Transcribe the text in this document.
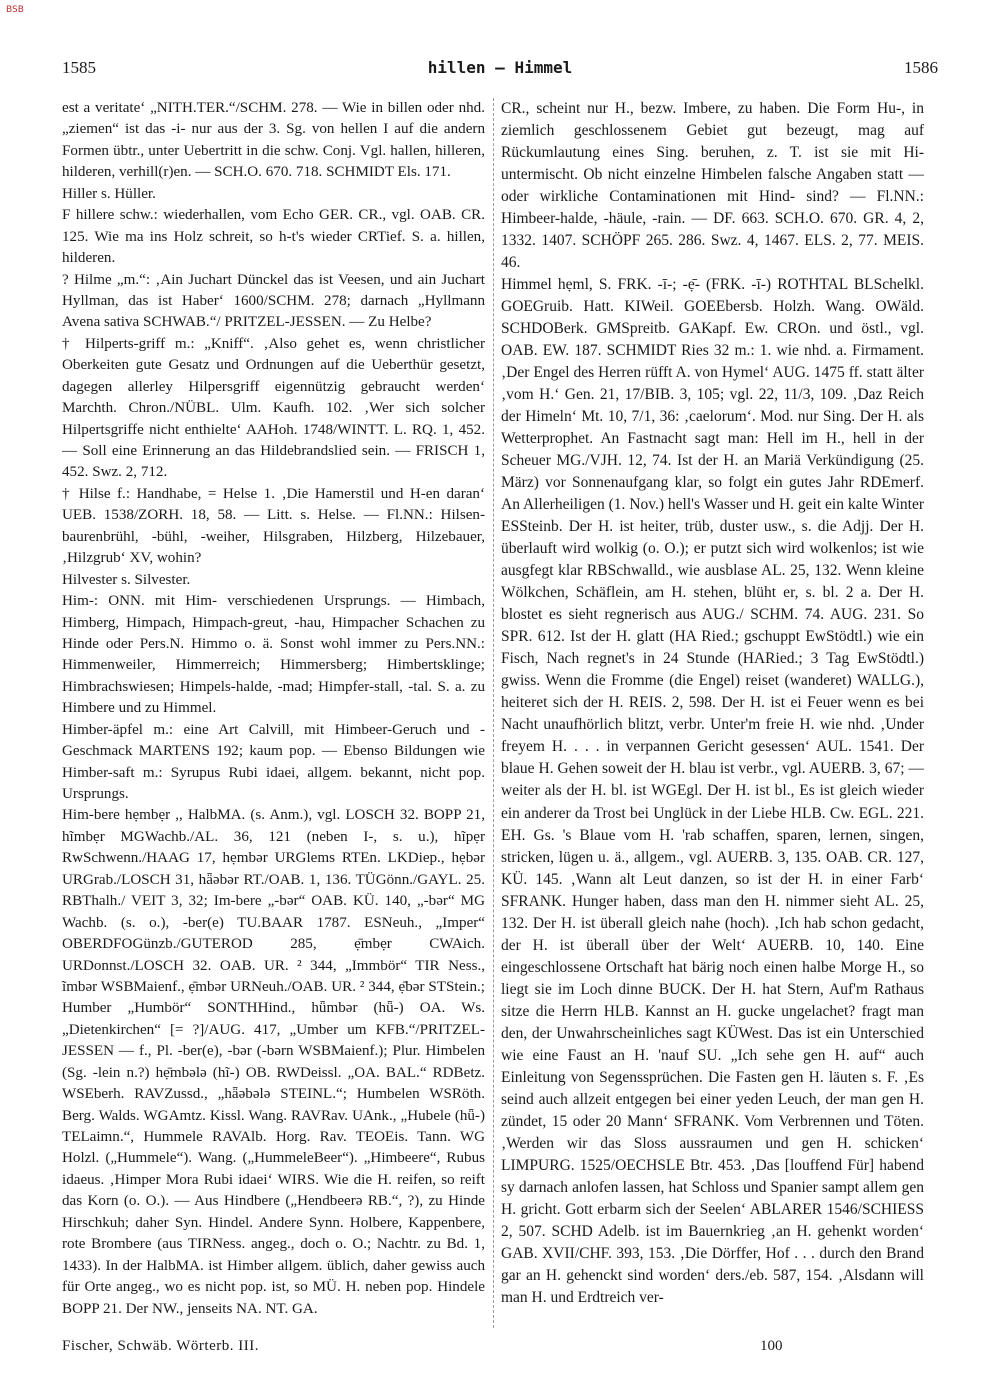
BSB
1585	hillen — Himmel	1586

est a veritate‘ „NITH.TER.“/SCHM. 278. — Wie in billen oder nhd. „ziemen“ ist das -i- nur aus der 3. Sg. von hellen I auf die andern Formen übtr., unter Uebertritt in die schw. Conj. Vgl. hallen, hilleren, hilderen, verhill(r)en. — SCH.O. 670. 718. SCHMIDT Els. 171.

Hiller s. Hüller.

F hillere schw.: wiederhallen, vom Echo GER. CR., vgl. OAB. CR. 125. Wie ma ins Holz schreit, so h-t's wieder CRTief. S. a. hillen, hilderen.

? Hilme „m.“: ‚Ain Juchart Dünckel das ist Veesen, und ain Juchart Hyllman, das ist Haber‘ 1600/SCHM. 278; darnach „Hyllmann Avena sativa SCHWAB.“/ PRITZEL-JESSEN. — Zu Helbe?

† Hilperts-griff m.: „Kniff“. ‚Also gehet es, wenn christlicher Oberkeiten gute Gesatz und Ordnungen auf die Ueberthür gesetzt, dagegen allerley Hilpersgriff eigennützig gebraucht werden‘ Marchth. Chron./NÜBL. Ulm. Kaufh. 102. ‚Wer sich solcher Hilpertsgriffe nicht enthielte‘ AAHoh. 1748/WINTT. L. RQ. 1, 452. — Soll eine Erinnerung an das Hildebrandslied sein. — FRISCH 1, 452. Swz. 2, 712.

† Hilse f.: Handhabe, = Helse 1. ‚Die Hamerstil und H-en daran‘ UEB. 1538/ZORH. 18, 58. — Litt. s. Helse. — Fl.NN.: Hilsen-baurenbrühl, -bühl, -weiher, Hilsgraben, Hilzberg, Hilzebauer, ‚Hilzgrub‘ XV, wohin?

Hilvester s. Silvester.

Him-: ONN. mit Him- verschiedenen Ursprungs. — Himbach, Himberg, Himpach, Himpach-greut, -hau, Himpacher Schachen zu Hinde oder Pers.N. Himmo o. ä. Sonst wohl immer zu Pers.NN.: Himmenweiler, Himmerreich; Himmersberg; Himbertsklinge; Himbrachswiesen; Himpels-halde, -mad; Himpfer-stall, -tal. S. a. zu Himbere und zu Himmel.

Himber-äpfel m.: eine Art Calvill, mit Himbeer-Geruch und -Geschmack MARTENS 192; kaum pop. — Ebenso Bildungen wie Himber-saft m.: Syrupus Rubi idaei, allgem. bekannt, nicht pop. Ursprungs.

Him-bere hẹmbẹr ,, HalbMA. (s. Anm.), vgl. LOSCH 32. BOPP 21, hĩmbẹr MGWachb./AL. 36, 121 (neben I-, s. u.), hĩpẹr RwSchwenn./HAAG 17, hẹmbər URGlems RTEn. LKDiep., hẹbər URGrab./LOSCH 31, hǟəbər RT./OAB. 1, 136. TÜGönn./GAYL. 25. RBThalh./ VEIT 3, 32; Im-bere „-bər“ OAB. KÜ. 140, „-bər“ MG Wachb. (s. o.), -ber(e) TU.BAAR 1787. ESNeuh., „Imper“ OBERDFOGünzb./GUTEROD 285, ẹ̄mbẹr CWAich. URDonnst./LOSCH 32. OAB. UR. ² 344, „Immbör“ TIR Ness., ĩmbər WSBMaienf., ẹ̄mbər URNeuh./OAB. UR. ² 344, ẹ̄bər STStein.; Humber „Humbör“ SONTHHind., hǖmbər (hǖ-) OA. Ws. „Dietenkirchen“ [= ?]/AUG. 417, „Umber um KFB.“/PRITZEL-JESSEN — f., Pl. -ber(e), -bər (-bərn WSBMaienf.); Plur. Himbelen (Sg. -lein n.?) hẹ̄mbələ (hĩ-) OB. RWDeissl. „OA. BAL.“ RDBetz. WSEberh. RAVZussd., „hǟəbələ STEINL.“; Humbelen WSRöth. Berg. Walds. WGAmtz. Kissl. Wang. RAVRav. UAnk., „Hubele (hǖ-) TELaimn.“, Hummele RAVAlb. Horg. Rav. TEOEis. Tann. WG Holzl. („Hummele“). Wang. („HummeleBeer“). „Himbeere“, Rubus idaeus. ‚Himper Mora Rubi idaei‘ WIRS. Wie die H. reifen, so reift das Korn (o. O.). — Aus Hindbere („Hendbeerə RB.“, ?), zu Hinde Hirschkuh; daher Syn. Hindel. Andere Synn. Holbere, Kappenbere, rote Brombere (aus TIRNess. angeg., doch o. O.; Nachtr. zu Bd. 1, 1433). In der HalbMA. ist Himber allgem. üblich, daher gewiss auch für Orte angeg., wo es nicht pop. ist, so MÜ. H. neben pop. Hindele BOPP 21. Der NW., jenseits NA. NT. GA.

CR., scheint nur H., bezw. Imbere, zu haben. Die Form Hu-, in ziemlich geschlossenem Gebiet gut bezeugt, mag auf Rückumlautung eines Sing. beruhen, z. T. ist sie mit Hi- untermischt. Ob nicht einzelne Himbelen falsche Angaben statt — oder wirkliche Contaminationen mit Hind- sind? — Fl.NN.: Himbeer-halde, -häule, -rain. — DF. 663. SCH.O. 670. GR. 4, 2, 1332. 1407. SCHÖPF 265. 286. Swz. 4, 1467. ELS. 2, 77. MEIS. 46.

Himmel hẹml, S. FRK. -ī-; -ẹ̄- (FRK. -ī-) ROTHTAL BLSchelkl. GOEGruib. Hatt. KIWeil. GOEEbersb. Holzh. Wang. OWäld. SCHDOBerk. GMSpreitb. GAKapf. Ew. CROn. und östl., vgl. OAB. EW. 187. SCHMIDT Ries 32 m.: 1. wie nhd. a. Firmament. ‚Der Engel des Herren rüfft A. von Hymel‘ AUG. 1475 ff. statt älter ‚vom H.‘ Gen. 21, 17/BIB. 3, 105; vgl. 22, 11/3, 109. ‚Daz Reich der Himeln‘ Mt. 10, 7/1, 36: ‚caelorum‘. Mod. nur Sing. Der H. als Wetterprophet. An Fastnacht sagt man: Hell im H., hell in der Scheuer MG./VJH. 12, 74. Ist der H. an Mariä Verkündigung (25. März) vor Sonnenaufgang klar, so folgt ein gutes Jahr RDEmerf. An Allerheiligen (1. Nov.) hell's Wasser und H. geit ein kalte Winter ESSteinb. Der H. ist heiter, trüb, duster usw., s. die Adjj. Der H. überlauft wird wolkig (o. O.); er putzt sich wird wolkenlos; ist wie ausgfegt klar RBSchwalld., wie ausblase AL. 25, 132. Wenn kleine Wölkchen, Schäflein, am H. stehen, blüht er, s. bl. 2 a. Der H. blostet es sieht regnerisch aus AUG./ SCHM. 74. AUG. 231. So SPR. 612. Ist der H. glatt (HA Ried.; gschuppt EwStödtl.) wie ein Fisch, Nach regnet's in 24 Stunde (HARied.; 3 Tag EwStödtl.) gwiss. Wenn die Fromme (die Engel) reiset (wanderet) WALLG.), heiteret sich der H. REIS. 2, 598. Der H. ist ei Feuer wenn es bei Nacht unaufhörlich blitzt, verbr. Unter'm freie H. wie nhd. ‚Under freyem H. . . . in verpannen Gericht gesessen‘ AUL. 1541. Der blaue H. Gehen soweit der H. blau ist verbr., vgl. AUERB. 3, 67; — weiter als der H. bl. ist WGEgl. Der H. ist bl., Es ist gleich wieder ein anderer da Trost bei Unglück in der Liebe HLB. Cw. EGL. 221. EH. Gs. 's Blaue vom H. 'rab schaffen, sparen, lernen, singen, stricken, lügen u. ä., allgem., vgl. AUERB. 3, 135. OAB. CR. 127, KÜ. 145. ‚Wann alt Leut danzen, so ist der H. in einer Farb‘ SFRANK. Hunger haben, dass man den H. nimmer sieht AL. 25, 132. Der H. ist überall gleich nahe (hoch). ‚Ich hab schon gedacht, der H. ist überall über der Welt‘ AUERB. 10, 140. Eine eingeschlossene Ortschaft hat bärig noch einen halbe Morge H., so liegt sie im Loch dinne BUCK. Der H. hat Stern, Auf'm Rathaus sitze die Herrn HLB. Kannst an H. gucke ungelachet? fragt man den, der Unwahrscheinliches sagt KÜWest. Das ist ein Unterschied wie eine Faust an H. 'nauf SU. „Ich sehe gen H. auf“ auch Einleitung von Segenssprüchen. Die Fasten gen H. läuten s. F. ‚Es seind auch allzeit entgegen bei einer yeden Leuch, der man gen H. zündet, 15 oder 20 Mann‘ SFRANK. Vom Verbrennen und Töten. ‚Werden wir das Sloss aussraumen und gen H. schicken‘ LIMPURG. 1525/OECHSLE Btr. 453. ‚Das [louffend Für] habend sy darnach anlofen lassen, hat Schloss und Spanier sampt allem gen H. gricht. Gott erbarm sich der Seelen‘ ABLARER 1546/SCHIESS 2, 507. SCHD Adelb. ist im Bauernkrieg ‚an H. gehenkt worden‘ GAB. XVII/CHF. 393, 153. ‚Die Dörffer, Hof . . . durch den Brand gar an H. gehenckt sind worden‘ ders./eb. 587, 154. ‚Alsdann will man H. und Erdtreich ver-

Fischer, Schwäb. Wörterb. III.	100
